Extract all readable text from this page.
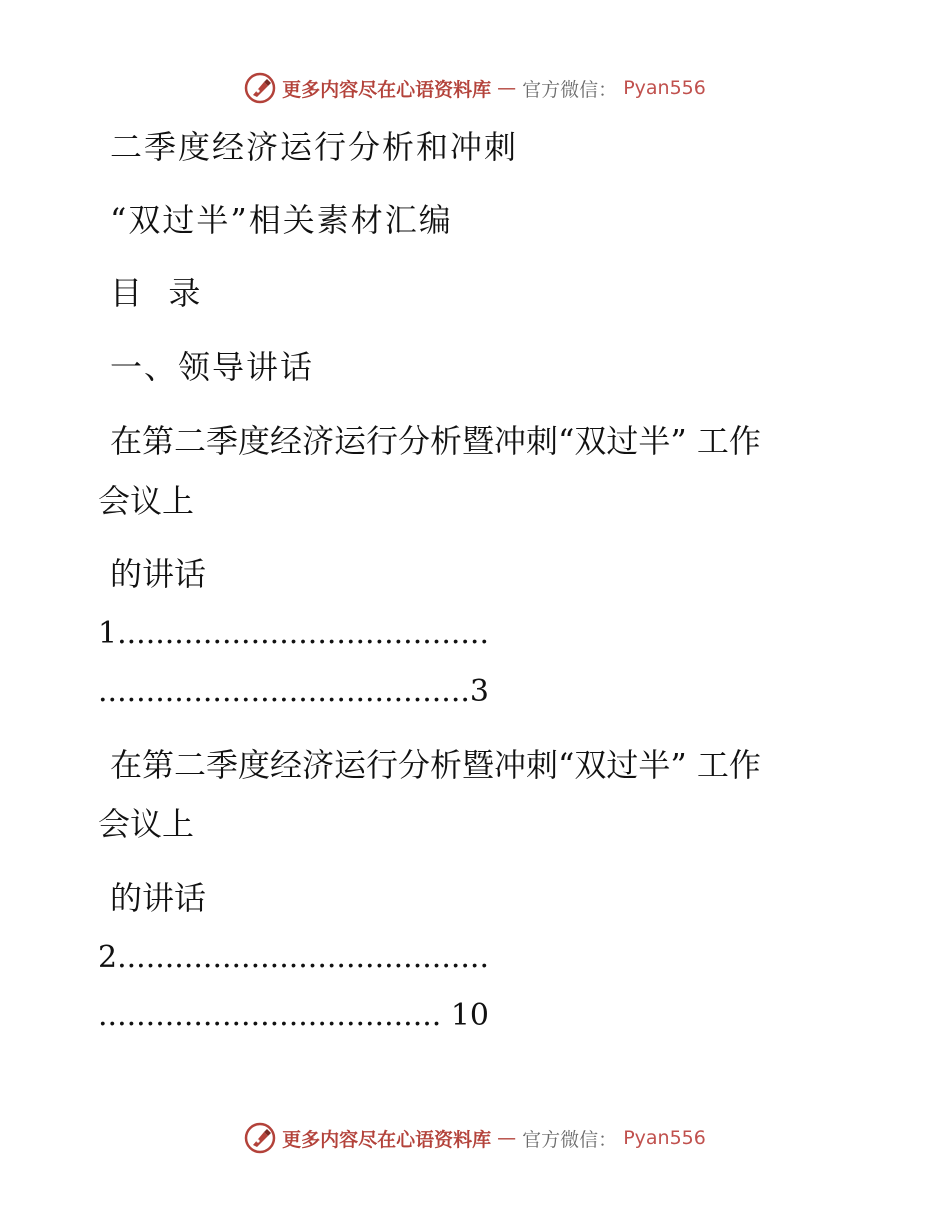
更多内容尽在心语资料库 — 官方微信： Pyan556
二季度经济运行分析和冲刺
“双过半”相关素材汇编
目  录
一、领导讲话
在第二季度经济运行分析暨冲刺“双过半” 工作
会议上
的讲话
1.......................................
.......................................3
在第二季度经济运行分析暨冲刺“双过半” 工作
会议上
的讲话
2.......................................
.................................... 10
更多内容尽在心语资料库 — 官方微信： Pyan556
